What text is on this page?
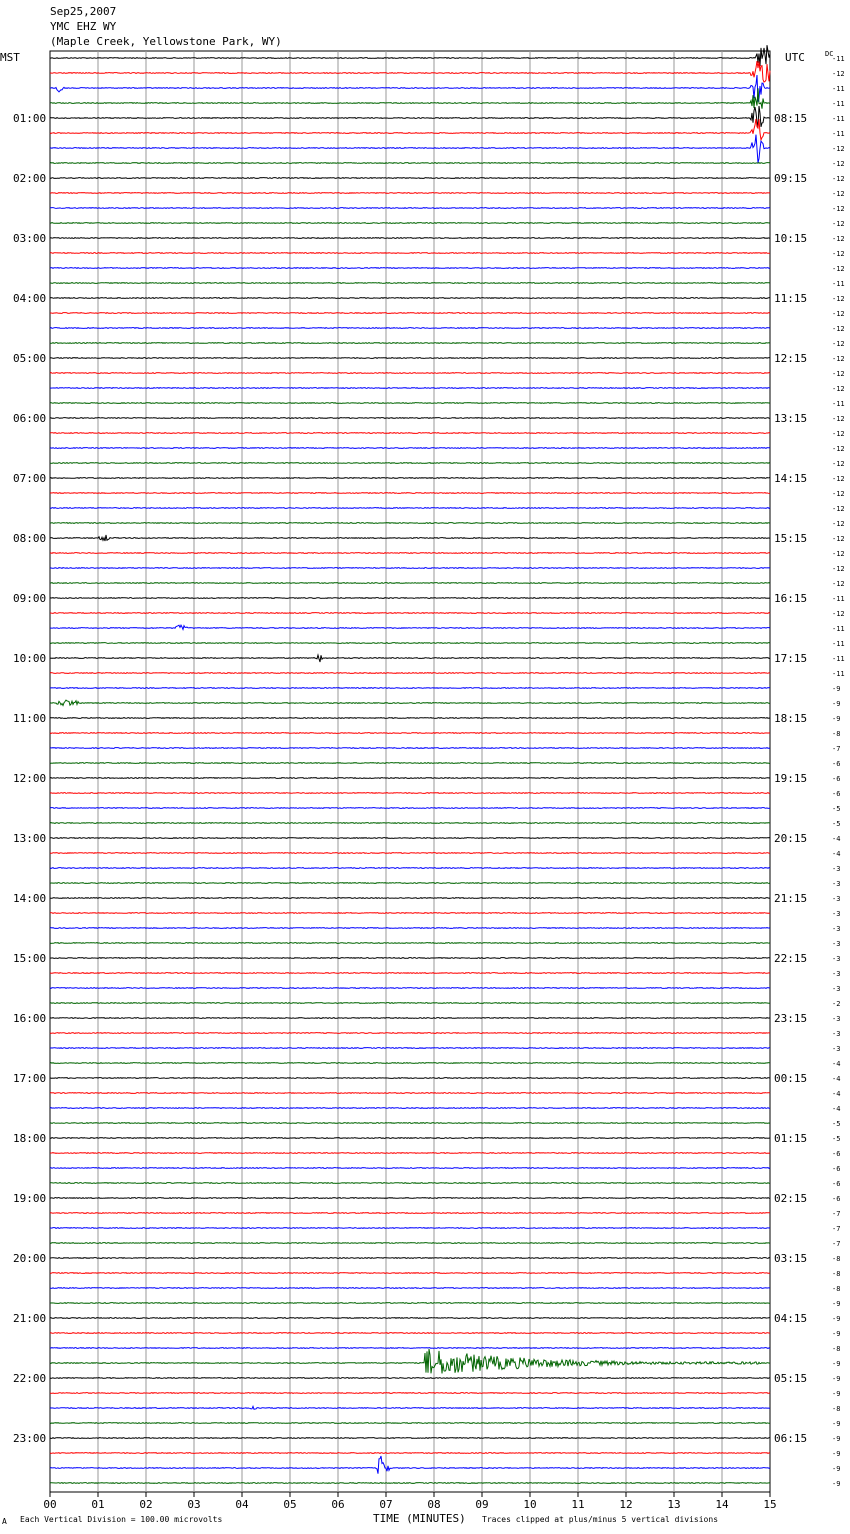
Sep25,2007
YMC EHZ WY
(Maple Creek, Yellowstone Park, WY)
01:00
02:00
03:00
04:00
05:00
06:00
07:00
08:00
09:00
10:00
11:00
12:00
13:00
14:00
15:00
16:00
17:00
18:00
19:00
20:00
21:00
22:00
23:00
08:15
09:15
10:15
11:15
12:15
13:15
14:15
15:15
16:15
17:15
18:15
19:15
20:15
21:15
22:15
23:15
00:15
01:15
02:15
03:15
04:15
05:15
06:15
-11
-12
-11
-11
-11
-11
-12
-12
-12
-12
-12
-12
-12
-12
-12
-11
-12
-12
-12
-12
-12
-12
-12
-11
-12
-12
-12
-12
-12
-12
-12
-12
-12
-12
-12
-12
-11
-12
-11
-11
-11
-11
-9
-9
-9
-8
-7
-6
-6
-6
-5
-5
-4
-4
-3
-3
-3
-3
-3
-3
-3
-3
-3
-2
-3
-3
-3
-4
-4
-4
-4
-5
-5
-6
-6
-6
-6
-7
-7
-7
-8
-8
-8
-9
-9
-9
-8
-9
-9
-9
-8
-9
-9
-9
-9
-9
00	01	02	03	04	05	06	07	08	09	10	11	12	13	14	15
MST	UTC	DC
A Each Vertical Division = 100.00 microvolts	TIME (MINUTES) Traces clipped at plus/minus 5 vertical divisions
